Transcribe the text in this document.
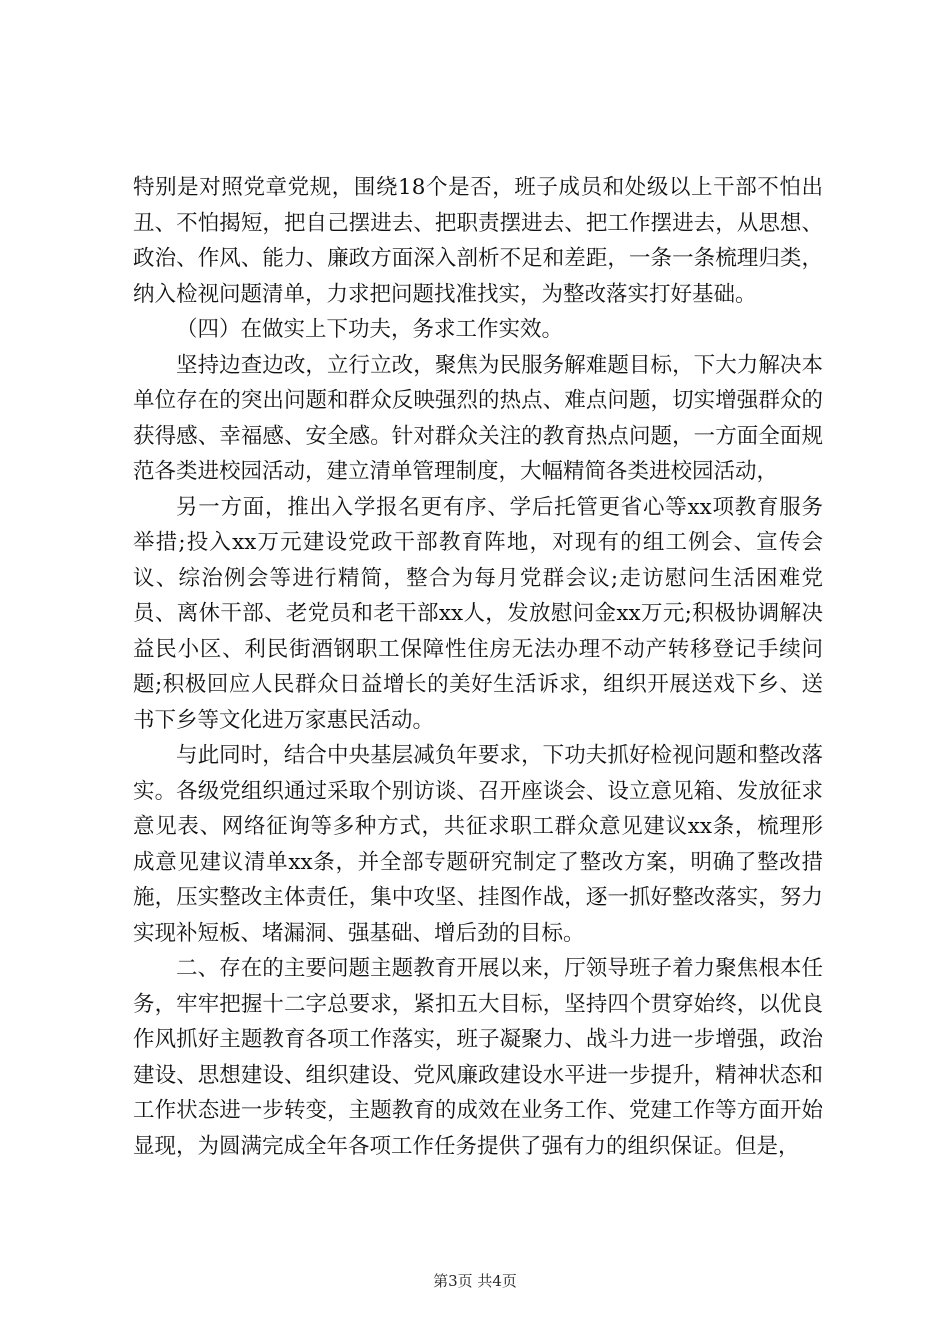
特别是对照党章党规，围绕18个是否，班子成员和处级以上干部不怕出丑、不怕揭短，把自己摆进去、把职责摆进去、把工作摆进去，从思想、政治、作风、能力、廉政方面深入剖析不足和差距，一条一条梳理归类，纳入检视问题清单，力求把问题找准找实，为整改落实打好基础。

（四）在做实上下功夫，务求工作实效。

坚持边查边改，立行立改，聚焦为民服务解难题目标，下大力解决本单位存在的突出问题和群众反映强烈的热点、难点问题，切实增强群众的获得感、幸福感、安全感。针对群众关注的教育热点问题，一方面全面规范各类进校园活动，建立清单管理制度，大幅精简各类进校园活动，

另一方面，推出入学报名更有序、学后托管更省心等xx项教育服务举措;投入xx万元建设党政干部教育阵地，对现有的组工例会、宣传会议、综治例会等进行精简，整合为每月党群会议;走访慰问生活困难党员、离休干部、老党员和老干部xx人，发放慰问金xx万元;积极协调解决益民小区、利民街酒钢职工保障性住房无法办理不动产转移登记手续问题;积极回应人民群众日益增长的美好生活诉求，组织开展送戏下乡、送书下乡等文化进万家惠民活动。

与此同时，结合中央基层减负年要求，下功夫抓好检视问题和整改落实。各级党组织通过采取个别访谈、召开座谈会、设立意见箱、发放征求意见表、网络征询等多种方式，共征求职工群众意见建议xx条，梳理形成意见建议清单xx条，并全部专题研究制定了整改方案，明确了整改措施，压实整改主体责任，集中攻坚、挂图作战，逐一抓好整改落实，努力实现补短板、堵漏洞、强基础、增后劲的目标。

二、存在的主要问题主题教育开展以来，厅领导班子着力聚焦根本任务，牢牢把握十二字总要求，紧扣五大目标，坚持四个贯穿始终，以优良作风抓好主题教育各项工作落实，班子凝聚力、战斗力进一步增强，政治建设、思想建设、组织建设、党风廉政建设水平进一步提升，精神状态和工作状态进一步转变，主题教育的成效在业务工作、党建工作等方面开始显现，为圆满完成全年各项工作任务提供了强有力的组织保证。但是，

第3页 共4页
